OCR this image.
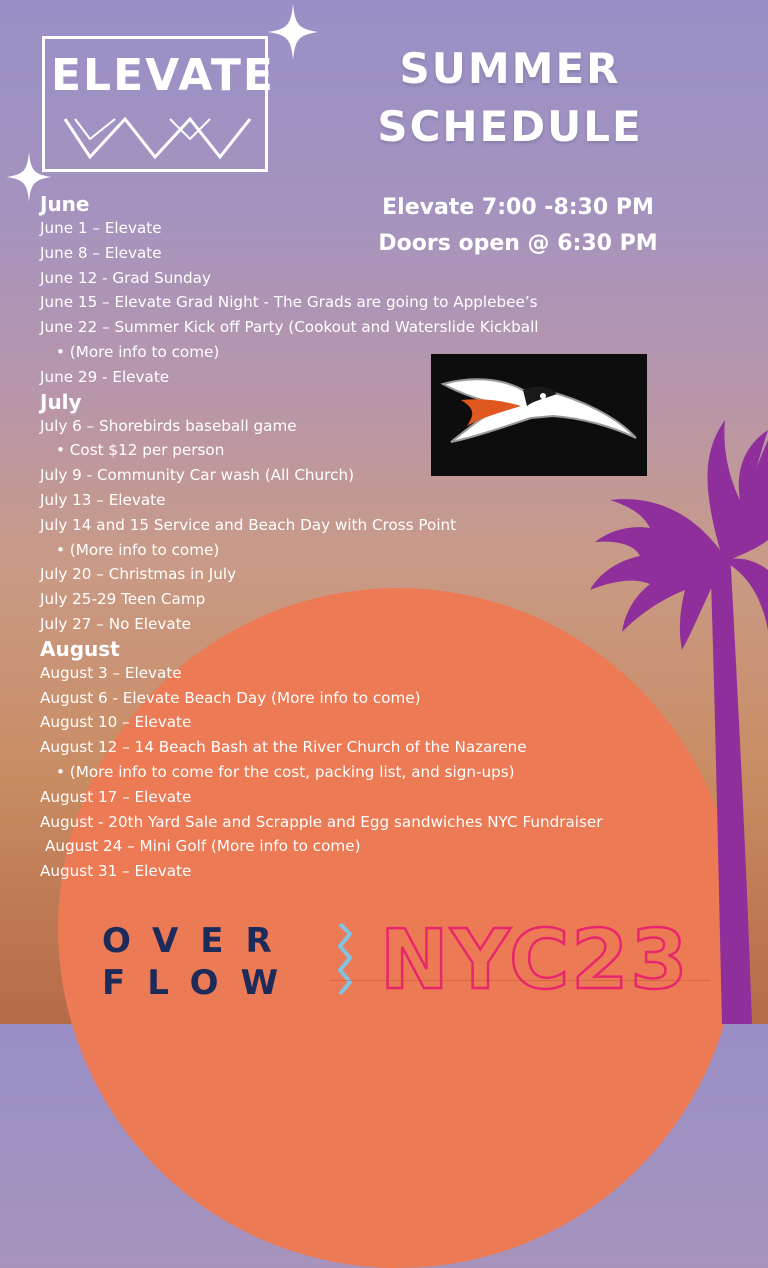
ELEVATE	SUMMER
SCHEDULE
Elevate 7:00 -8:30 PM
Doors open @ 6:30 PM
June
June 1 – Elevate
June 8 – Elevate
June 12 - Grad Sunday
June 15 – Elevate Grad Night - The Grads are going to Applebee’s
June 22 – Summer Kick off Party (Cookout and Waterslide Kickball
• (More info to come)
June 29 - Elevate
July
July 6 – Shorebirds baseball game
• Cost $12 per person
July 9 - Community Car wash (All Church)
July 13 – Elevate
July 14 and 15 Service and Beach Day with Cross Point
• (More info to come)
July 20 – Christmas in July
July 25-29 Teen Camp
July 27 – No Elevate
August
August 3 – Elevate
August 6 - Elevate Beach Day (More info to come)
August 10 – Elevate
August 12 – 14 Beach Bash at the River Church of the Nazarene
• (More info to come for the cost, packing list, and sign-ups)
August 17 – Elevate
August - 20th Yard Sale and Scrapple and Egg sandwiches NYC Fundraiser
August 24 – Mini Golf (More info to come)
August 31 – Elevate
OVER
FLOW NYC23
